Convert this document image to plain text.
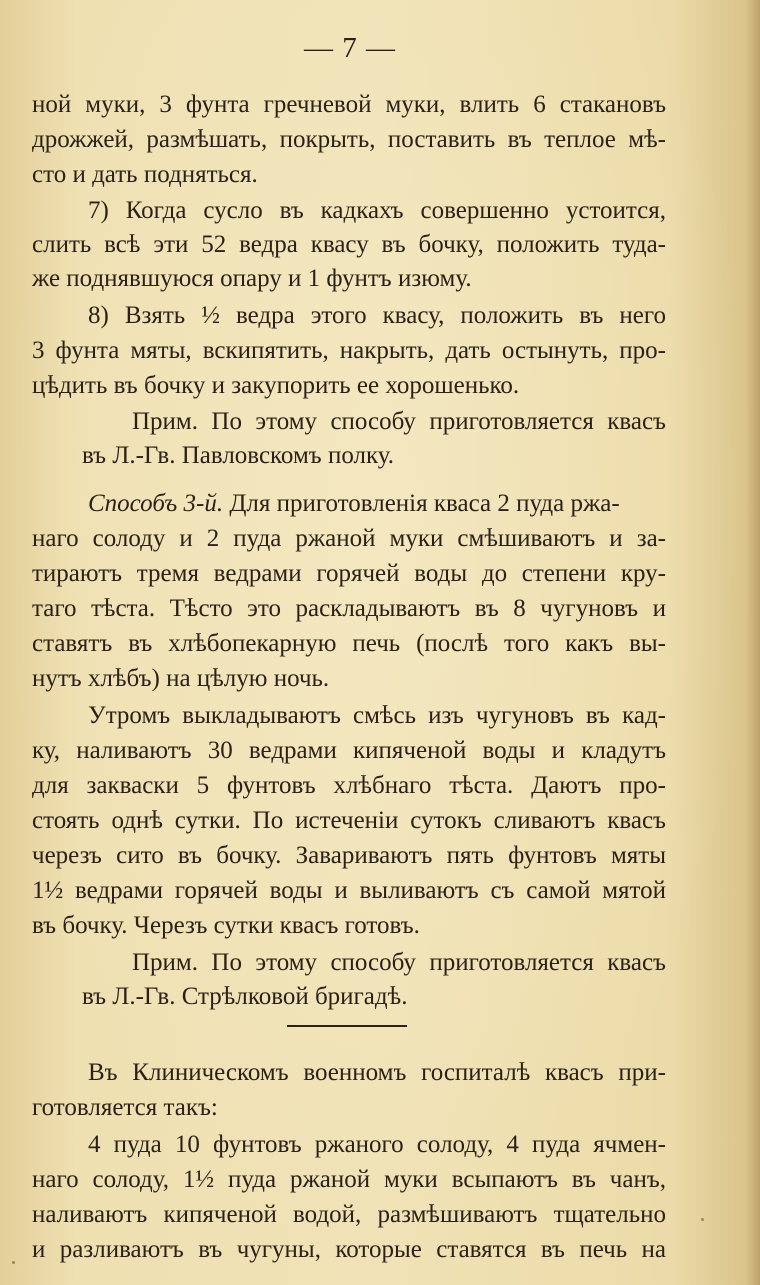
— 7 —
ной муки, 3 фунта гречневой муки, влить 6 стакановъ
дрожжей, размѣшать, покрыть, поставить въ теплое мѣ-
сто и дать подняться.
7) Когда сусло въ кадкахъ совершенно устоится,
слить всѣ эти 52 ведра квасу въ бочку, положить туда-
же поднявшуюся опару и 1 фунтъ изюму.
8) Взять ½ ведра этого квасу, положить въ него
3 фунта мяты, вскипятить, накрыть, дать остынуть, про-
цѣдить въ бочку и закупорить ее хорошенько.
Прим. По этому способу приготовляется квасъ
въ Л.-Гв. Павловскомъ полку.
Способъ 3-й. Для приготовленія кваса 2 пуда ржа-
наго солоду и 2 пуда ржаной муки смѣшиваютъ и за-
тираютъ тремя ведрами горячей воды до степени кру-
таго тѣста. Тѣсто это раскладываютъ въ 8 чугуновъ и
ставятъ въ хлѣбопекарную печь (послѣ того какъ вы-
нутъ хлѣбъ) на цѣлую ночь.
Утромъ выкладываютъ смѣсь изъ чугуновъ въ кад-
ку, наливаютъ 30 ведрами кипяченой воды и кладутъ
для закваски 5 фунтовъ хлѣбнаго тѣста. Даютъ про-
стоять однѣ сутки. По истеченіи сутокъ сливаютъ квасъ
черезъ сито въ бочку. Завариваютъ пять фунтовъ мяты
1½ ведрами горячей воды и выливаютъ съ самой мятой
въ бочку. Черезъ сутки квасъ готовъ.
Прим. По этому способу приготовляется квасъ
въ Л.-Гв. Стрѣлковой бригадѣ.
Въ Клиническомъ военномъ госпиталѣ квасъ при-
готовляется такъ:
4 пуда 10 фунтовъ ржаного солоду, 4 пуда ячмен-
наго солоду, 1½ пуда ржаной муки всыпаютъ въ чанъ,
наливаютъ кипяченой водой, размѣшиваютъ тщательно
и разливаютъ въ чугуны, которые ставятся въ печь на
